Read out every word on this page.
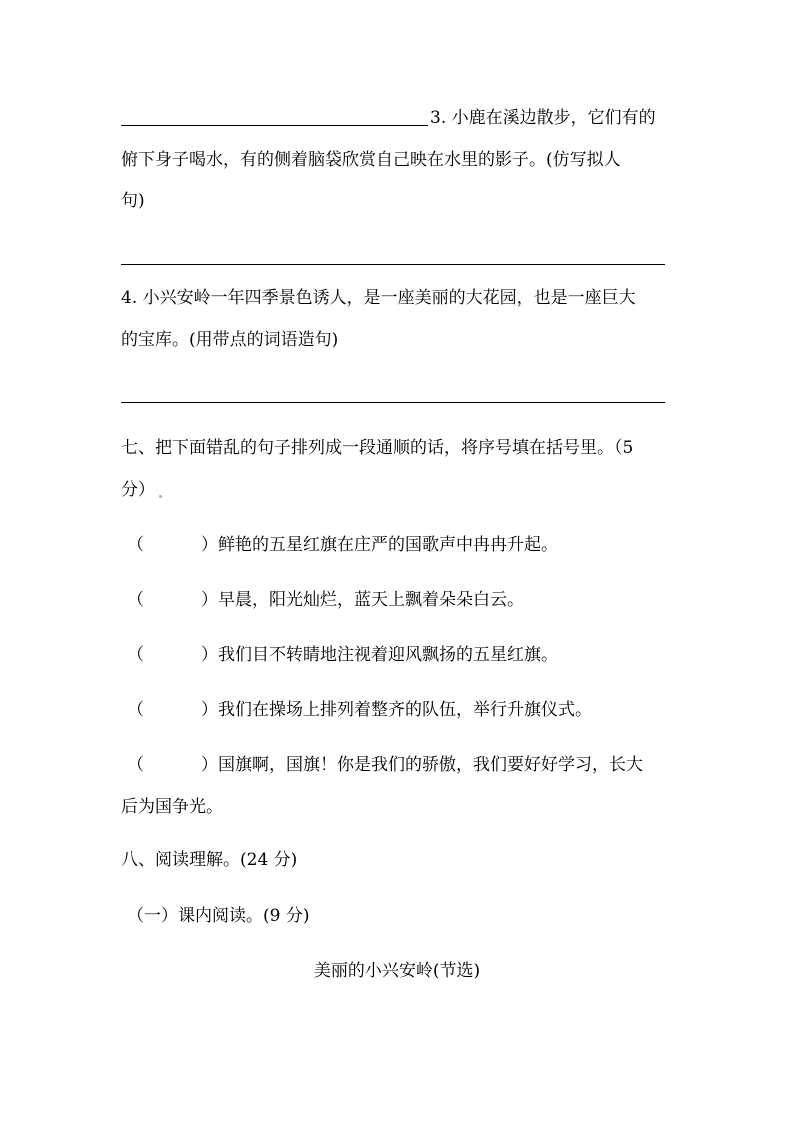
3. 小鹿在溪边散步，它们有的
俯下身子喝水，有的侧着脑袋欣赏自己映在水里的影子。(仿写拟人
句)
4. 小兴安岭一年四季景色诱人，是一座美丽的大花园，也是一座巨大
的宝库。(用带点的词语造句)
七、把下面错乱的句子排列成一段通顺的话，将序号填在括号里。（5
分）
（	）鲜艳的五星红旗在庄严的国歌声中冉冉升起。
（	）早晨，阳光灿烂，蓝天上飘着朵朵白云。
（	）我们目不转睛地注视着迎风飘扬的五星红旗。
（	）我们在操场上排列着整齐的队伍，举行升旗仪式。
（	）国旗啊，国旗！你是我们的骄傲，我们要好好学习，长大
后为国争光。
八、阅读理解。(24 分)
（一）课内阅读。(9 分)
美丽的小兴安岭(节选)
